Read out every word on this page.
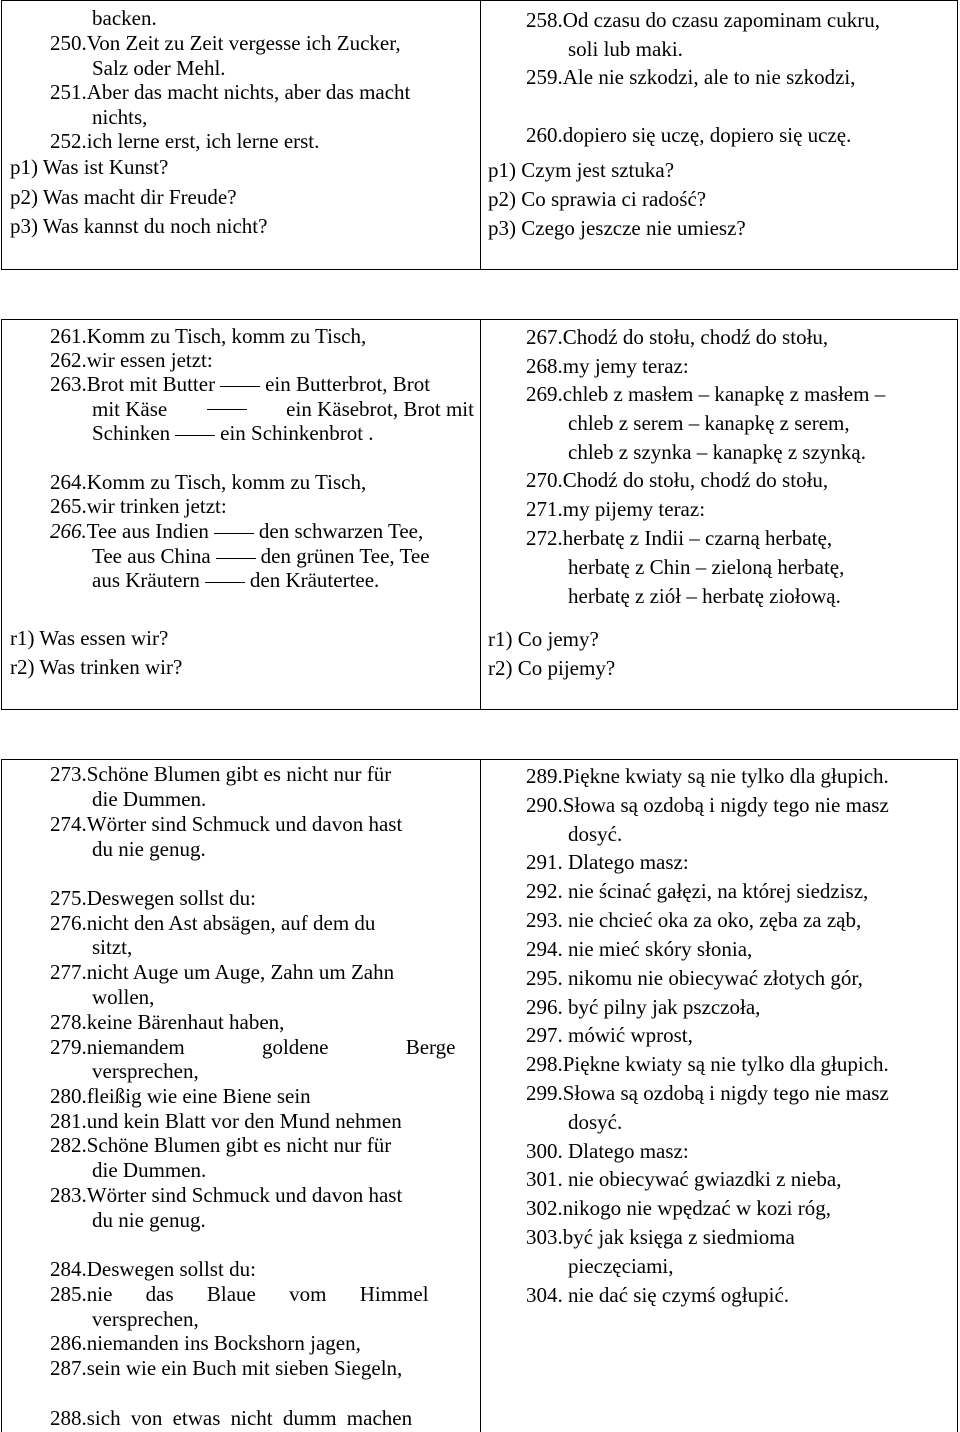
backen.
250.Von Zeit zu Zeit vergesse ich Zucker,
Salz oder Mehl.
251.Aber das macht nichts, aber das macht
nichts,
252.ich lerne erst, ich lerne erst.
p1) Was ist Kunst?
p2) Was macht dir Freude?
p3) Was kannst du noch nicht?
258.Od czasu do czasu zapominam cukru,
soli lub maki.
259.Ale nie szkodzi, ale to nie szkodzi,
260.dopiero się uczę, dopiero się uczę.
p1) Czym jest sztuka?
p2) Co sprawia ci radość?
p3) Czego jeszcze nie umiesz?
261.Komm zu Tisch, komm zu Tisch,
262.wir essen jetzt:
263.Brot mit Butter ein Butterbrot, Brot
mit Käse	ein Käsebrot, Brot mit
Schinken ein Schinkenbrot .
264.Komm zu Tisch, komm zu Tisch,
265.wir trinken jetzt:
266.Tee aus Indien den schwarzen Tee,
Tee aus China den grünen Tee, Tee
aus Kräutern den Kräutertee.
r1) Was essen wir?
r2) Was trinken wir?
267.Chodź do stołu, chodź do stołu,
268.my jemy teraz:
269.chleb z masłem – kanapkę z masłem –
chleb z serem – kanapkę z serem,
chleb z szynka – kanapkę z szynką.
270.Chodź do stołu, chodź do stołu,
271.my pijemy teraz:
272.herbatę z Indii – czarną herbatę,
herbatę z Chin – zieloną herbatę,
herbatę z ziół – herbatę ziołową.
r1) Co jemy?
r2) Co pijemy?
273.Schöne Blumen gibt es nicht nur für
die Dummen.
274.Wörter sind Schmuck und davon hast
du nie genug.
275.Deswegen sollst du:
276.nicht den Ast absägen, auf dem du
sitzt,
277.nicht Auge um Auge, Zahn um Zahn
wollen,
278.keine Bärenhaut haben,
279.niemandem goldene Berge
versprechen,
280.fleißig wie eine Biene sein
281.und kein Blatt vor den Mund nehmen
282.Schöne Blumen gibt es nicht nur für
die Dummen.
283.Wörter sind Schmuck und davon hast
du nie genug.
284.Deswegen sollst du:
285.nie das Blaue vom Himmel
versprechen,
286.niemanden ins Bockshorn jagen,
287.sein wie ein Buch mit sieben Siegeln,
288.sich von etwas nicht dumm machen
289.Piękne kwiaty są nie tylko dla głupich.
290.Słowa są ozdobą i nigdy tego nie masz
dosyć.
291. Dlatego masz:
292. nie ścinać gałęzi, na której siedzisz,
293. nie chcieć oka za oko, zęba za ząb,
294. nie mieć skóry słonia,
295. nikomu nie obiecywać złotych gór,
296. być pilny jak pszczoła,
297. mówić wprost,
298.Piękne kwiaty są nie tylko dla głupich.
299.Słowa są ozdobą i nigdy tego nie masz
dosyć.
300. Dlatego masz:
301. nie obiecywać gwiazdki z nieba,
302.nikogo nie wpędzać w kozi róg,
303.być jak księga z siedmioma
pieczęciami,
304. nie dać się czymś ogłupić.
